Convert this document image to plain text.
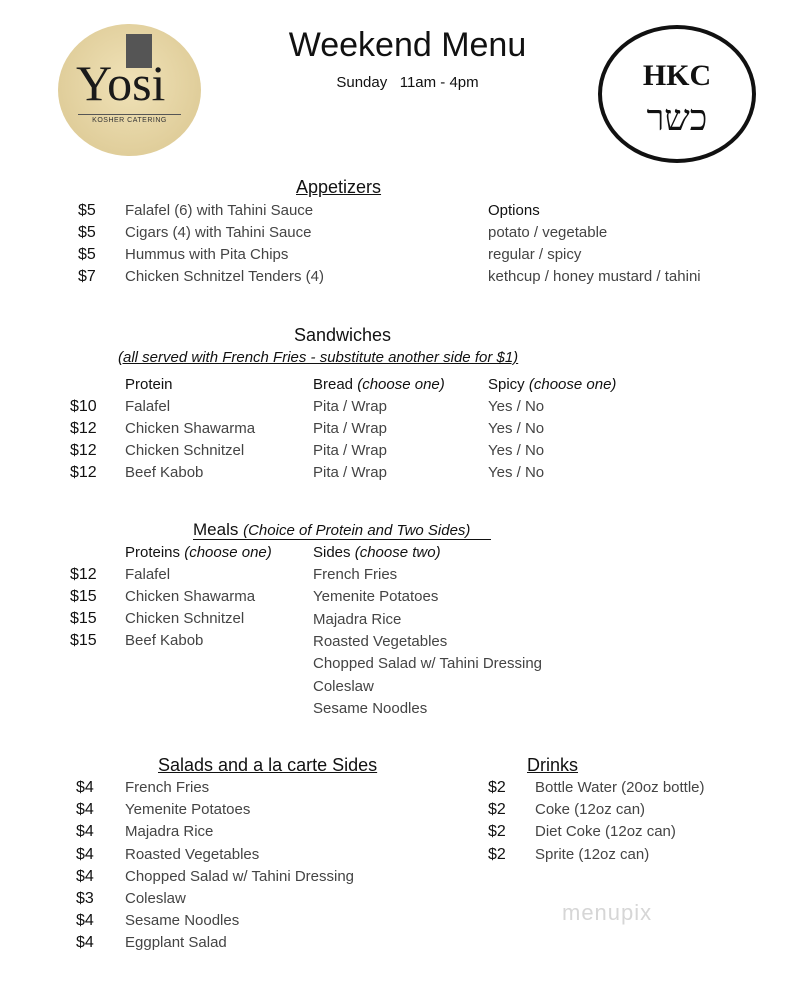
Yosi
KOSHER CATERING
Weekend Menu
Sunday   11am - 4pm	HKC
כשר
Appetizers
Options
Sandwiches
(all served with French Fries - substitute another side for $1)
Protein	Bread (choose one)	Spicy (choose one)
Meals (Choice of Protein and Two Sides)
Proteins (choose one)	Sides (choose two)
Salads and a la carte Sides	Drinks
menupix
$5 Falafel (6) with Tahini Sauce
$5 Cigars (4) with Tahini Sauce	potato / vegetable
$5 Hummus with Pita Chips	regular / spicy
$7 Chicken Schnitzel Tenders (4)	kethcup / honey mustard / tahini
$10 Falafel	Pita / Wrap	Yes / No
$12 Chicken Shawarma	Pita / Wrap	Yes / No
$12 Chicken Schnitzel	Pita / Wrap	Yes / No
$12 Beef Kabob	Pita / Wrap	Yes / No
$12 Falafel
$15 Chicken Shawarma
$15 Chicken Schnitzel
$15 Beef Kabob
French Fries
Yemenite Potatoes
Majadra Rice
Roasted Vegetables
Chopped Salad w/ Tahini Dressing
Coleslaw
Sesame Noodles
$4 French Fries
$4 Yemenite Potatoes
$4 Majadra Rice
$4 Roasted Vegetables
$4 Chopped Salad w/ Tahini Dressing
$3 Coleslaw
$4 Sesame Noodles
$4 Eggplant Salad
$2 Bottle Water (20oz bottle)
$2 Coke (12oz can)
$2 Diet Coke (12oz can)
$2 Sprite (12oz can)
